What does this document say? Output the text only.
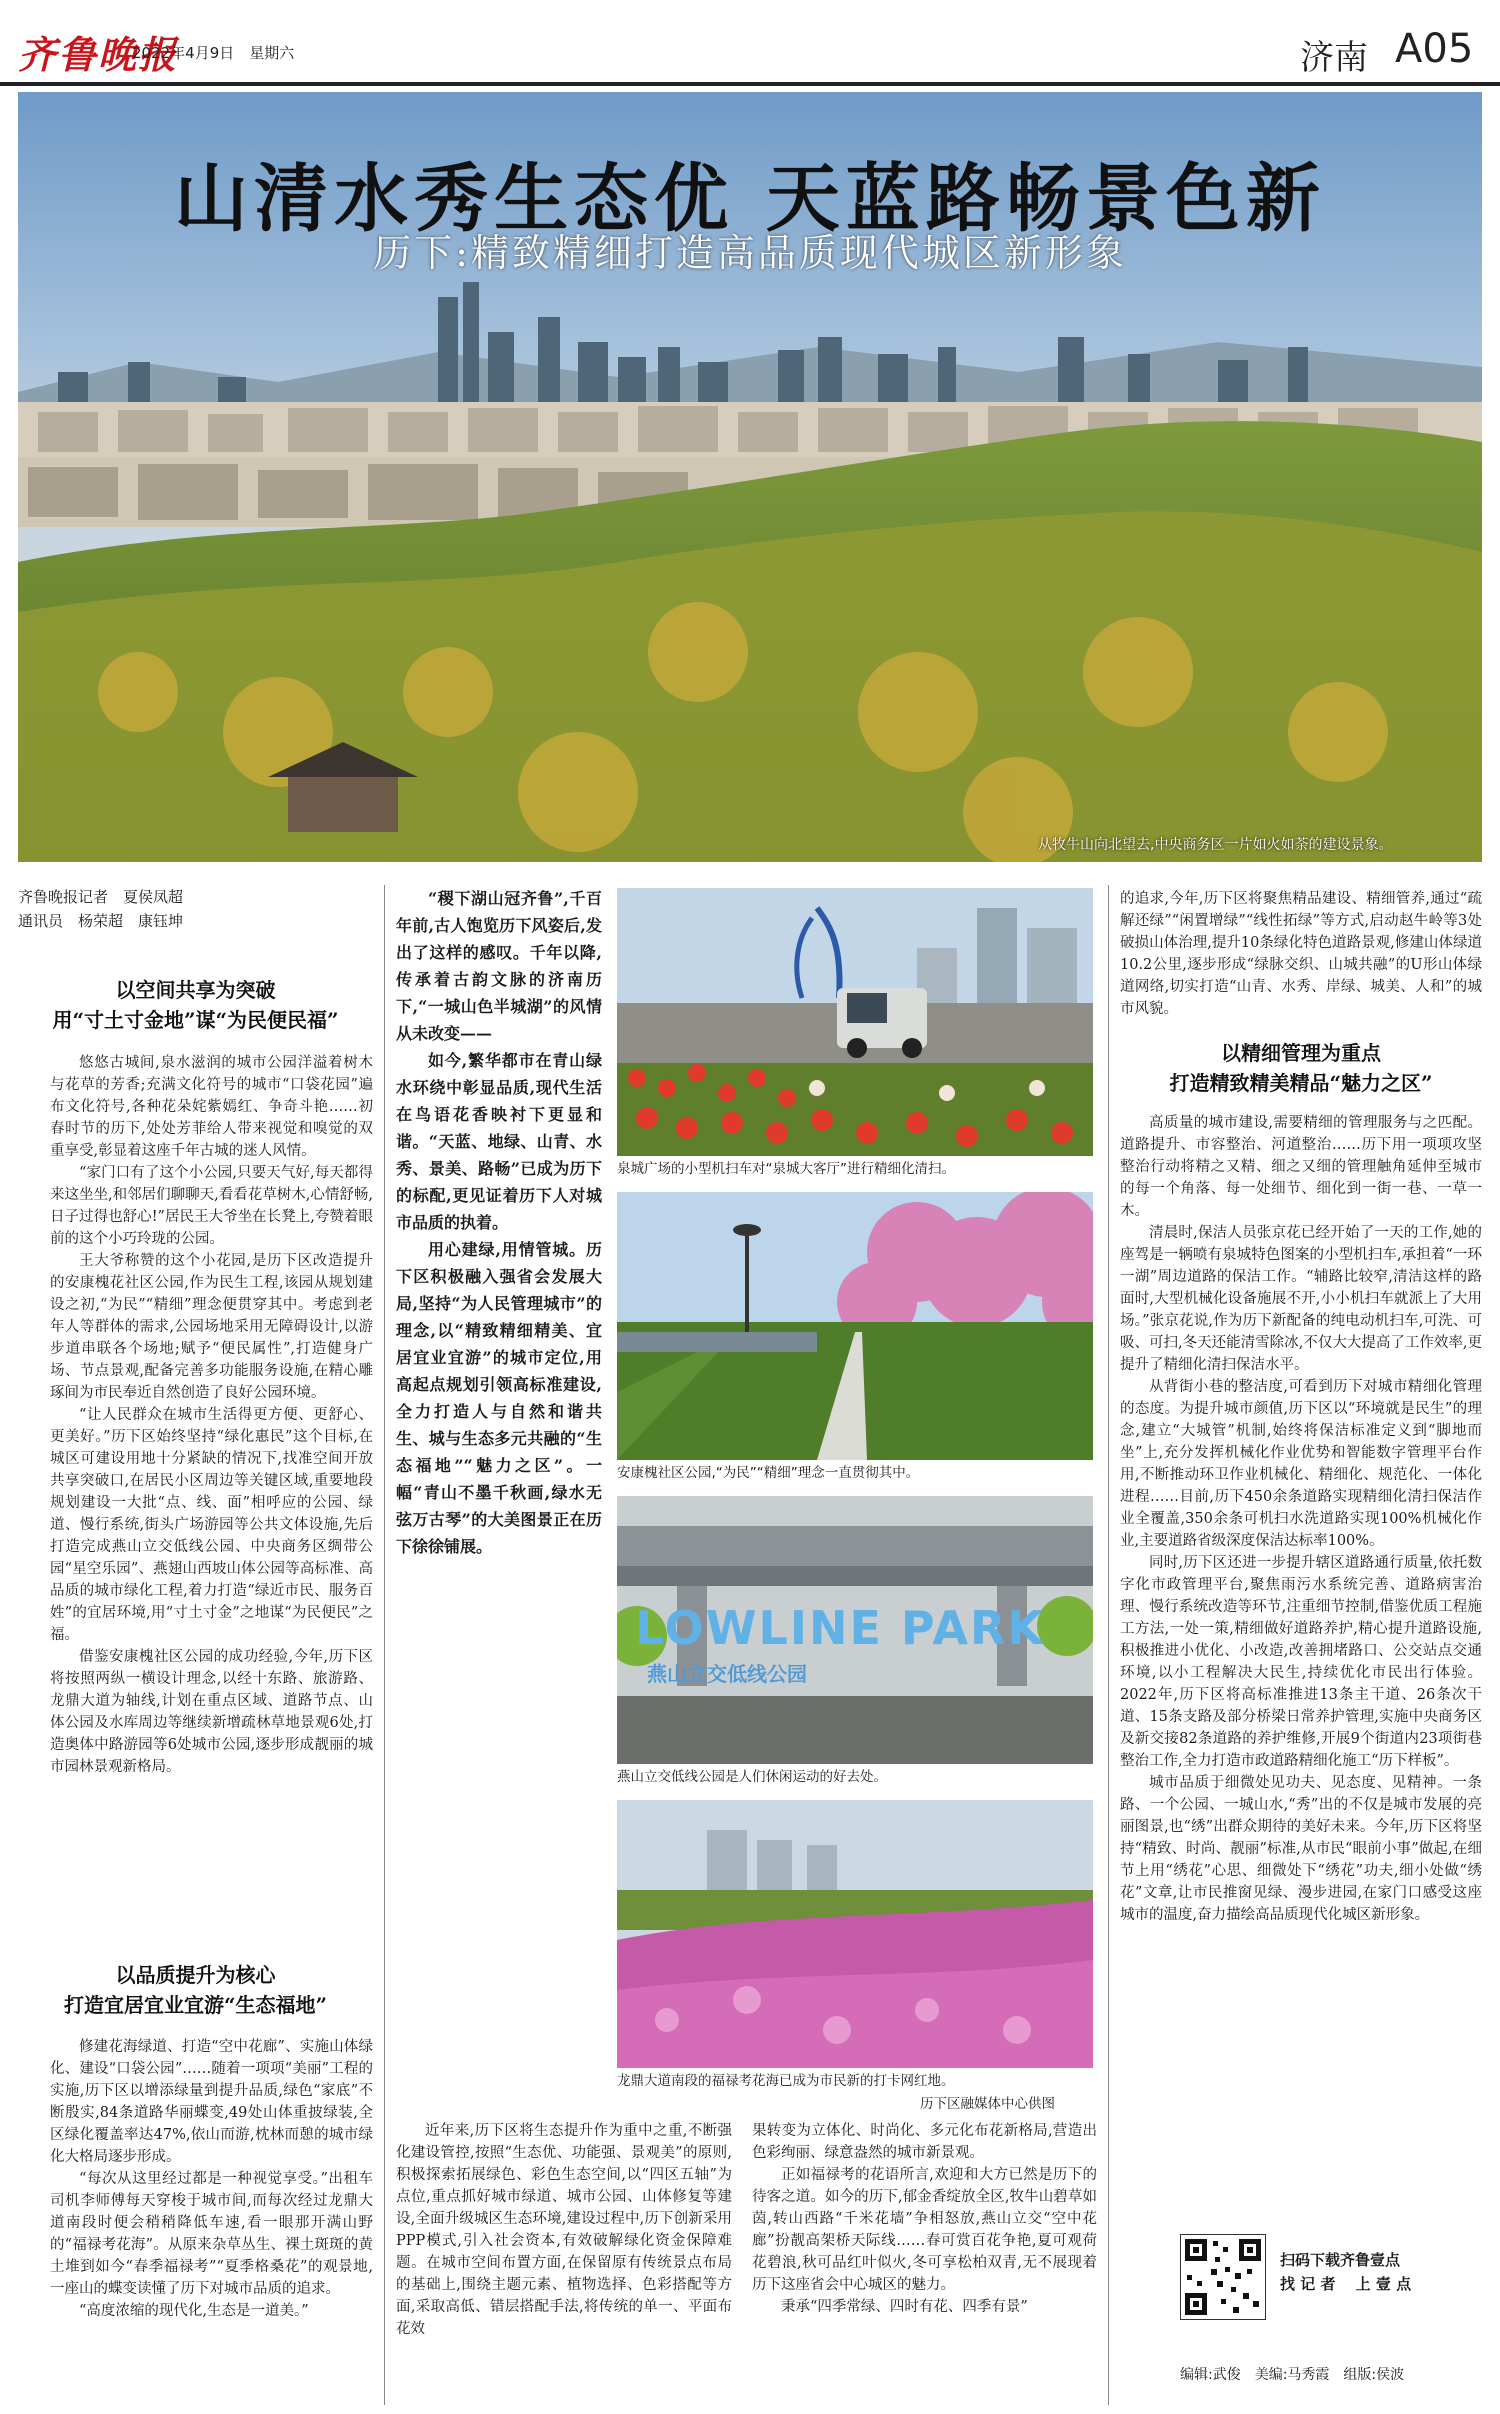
齐鲁晚报
2022年4月9日　星期六	济南 A05
山清水秀生态优 天蓝路畅景色新
历下:精致精细打造高品质现代城区新形象
从牧牛山向北望去,中央商务区一片如火如荼的建设景象。
齐鲁晚报记者　夏侯凤超
通讯员　杨荣超　康钰坤
以空间共享为突破
用“寸土寸金地”谋“为民便民福”

悠悠古城间,泉水滋润的城市公园洋溢着树木与花草的芳香;充满文化符号的城市“口袋花园”遍布文化符号,各种花朵姹紫嫣红、争奇斗艳……初春时节的历下,处处芳菲给人带来视觉和嗅觉的双重享受,彰显着这座千年古城的迷人风情。

“家门口有了这个小公园,只要天气好,每天都得来这坐坐,和邻居们聊聊天,看看花草树木,心情舒畅,日子过得也舒心!”居民王大爷坐在长凳上,夸赞着眼前的这个小巧玲珑的公园。

王大爷称赞的这个小花园,是历下区改造提升的安康槐花社区公园,作为民生工程,该园从规划建设之初,“为民”“精细”理念便贯穿其中。考虑到老年人等群体的需求,公园场地采用无障碍设计,以游步道串联各个场地;赋予“便民属性”,打造健身广场、节点景观,配备完善多功能服务设施,在精心雕琢间为市民奉近自然创造了良好公园环境。

“让人民群众在城市生活得更方便、更舒心、更美好。”历下区始终坚持“绿化惠民”这个目标,在城区可建设用地十分紧缺的情况下,找准空间开放共享突破口,在居民小区周边等关键区域,重要地段规划建设一大批“点、线、面”相呼应的公园、绿道、慢行系统,街头广场游园等公共文体设施,先后打造完成燕山立交低线公园、中央商务区绸带公园“星空乐园”、燕翅山西坡山体公园等高标准、高品质的城市绿化工程,着力打造“绿近市民、服务百姓”的宜居环境,用“寸土寸金”之地谋“为民便民”之福。

借鉴安康槐社区公园的成功经验,今年,历下区将按照两纵一横设计理念,以经十东路、旅游路、龙鼎大道为轴线,计划在重点区域、道路节点、山体公园及水库周边等继续新增疏林草地景观6处,打造奥体中路游园等6处城市公园,逐步形成靓丽的城市园林景观新格局。

以品质提升为核心
打造宜居宜业宜游“生态福地”

修建花海绿道、打造“空中花廊”、实施山体绿化、建设“口袋公园”……随着一项项“美丽”工程的实施,历下区以增添绿量到提升品质,绿色“家底”不断殷实,84条道路华丽蝶变,49处山体重披绿装,全区绿化覆盖率达47%,依山而游,枕林而憩的城市绿化大格局逐步形成。

“每次从这里经过都是一种视觉享受。”出租车司机李师傅每天穿梭于城市间,而每次经过龙鼎大道南段时便会稍稍降低车速,看一眼那开满山野的“福禄考花海”。从原来杂草丛生、裸土斑斑的黄土堆到如今“春季福禄考”“夏季格桑花”的观景地,一座山的蝶变读懂了历下对城市品质的追求。

“高度浓缩的现代化,生态是一道美。”

“稷下湖山冠齐鲁”,千百年前,古人饱览历下风姿后,发出了这样的感叹。千年以降,传承着古韵文脉的济南历下,“一城山色半城湖”的风情从未改变——

如今,繁华都市在青山绿水环绕中彰显品质,现代生活在鸟语花香映衬下更显和谐。“天蓝、地绿、山青、水秀、景美、路畅”已成为历下的标配,更见证着历下人对城市品质的执着。

用心建绿,用情管城。历下区积极融入强省会发展大局,坚持“为人民管理城市”的理念,以“精致精细精美、宜居宜业宜游”的城市定位,用高起点规划引领高标准建设,全力打造人与自然和谐共生、城与生态多元共融的“生态福地”“魅力之区”。一幅“青山不墨千秋画,绿水无弦万古琴”的大美图景正在历下徐徐铺展。

泉城广场的小型机扫车对“泉城大客厅”进行精细化清扫。
安康槐社区公园,“为民”“精细”理念一直贯彻其中。
LOWLINE PARK
燕山立交低线公园
燕山立交低线公园是人们休闲运动的好去处。
龙鼎大道南段的福禄考花海已成为市民新的打卡网红地。
历下区融媒体中心供图

近年来,历下区将生态提升作为重中之重,不断强化建设管控,按照“生态优、功能强、景观美”的原则,积极探索拓展绿色、彩色生态空间,以“四区五轴”为点位,重点抓好城市绿道、城市公园、山体修复等建设,全面升级城区生态环境,建设过程中,历下创新采用PPP模式,引入社会资本,有效破解绿化资金保障难题。在城市空间布置方面,在保留原有传统景点布局的基础上,围绕主题元素、植物选择、色彩搭配等方面,采取高低、错层搭配手法,将传统的单一、平面布花效

果转变为立体化、时尚化、多元化布花新格局,营造出色彩绚丽、绿意盎然的城市新景观。

正如福禄考的花语所言,欢迎和大方已然是历下的待客之道。如今的历下,郁金香绽放全区,牧牛山碧草如茵,转山西路“千米花墙”争相怒放,燕山立交“空中花廊”扮靓高架桥天际线……春可赏百花争艳,夏可观荷花碧浪,秋可品红叶似火,冬可享松柏双青,无不展现着历下这座省会中心城区的魅力。

秉承“四季常绿、四时有花、四季有景”

的追求,今年,历下区将聚焦精品建设、精细管养,通过“疏解还绿”“闲置增绿”“线性拓绿”等方式,启动赵牛岭等3处破损山体治理,提升10条绿化特色道路景观,修建山体绿道10.2公里,逐步形成“绿脉交织、山城共融”的U形山体绿道网络,切实打造“山青、水秀、岸绿、城美、人和”的城市风貌。

以精细管理为重点
打造精致精美精品“魅力之区”

高质量的城市建设,需要精细的管理服务与之匹配。道路提升、市容整治、河道整治……历下用一项项攻坚整治行动将精之又精、细之又细的管理触角延伸至城市的每一个角落、每一处细节、细化到一街一巷、一草一木。

清晨时,保洁人员张京花已经开始了一天的工作,她的座驾是一辆喷有泉城特色图案的小型机扫车,承担着“一环一湖”周边道路的保洁工作。“辅路比较窄,清洁这样的路面时,大型机械化设备施展不开,小小机扫车就派上了大用场。”张京花说,作为历下新配备的纯电动机扫车,可洗、可吸、可扫,冬天还能清雪除冰,不仅大大提高了工作效率,更提升了精细化清扫保洁水平。

从背街小巷的整洁度,可看到历下对城市精细化管理的态度。为提升城市颜值,历下区以“环境就是民生”的理念,建立“大城管”机制,始终将保洁标准定义到“脚地而坐”上,充分发挥机械化作业优势和智能数字管理平台作用,不断推动环卫作业机械化、精细化、规范化、一体化进程……目前,历下450余条道路实现精细化清扫保洁作业全覆盖,350余条可机扫水洗道路实现100%机械化作业,主要道路省级深度保洁达标率100%。

同时,历下区还进一步提升辖区道路通行质量,依托数字化市政管理平台,聚焦雨污水系统完善、道路病害治理、慢行系统改造等环节,注重细节控制,借鉴优质工程施工方法,一处一策,精细做好道路养护,精心提升道路设施,积极推进小优化、小改造,改善拥堵路口、公交站点交通环境,以小工程解决大民生,持续优化市民出行体验。2022年,历下区将高标准推进13条主干道、26条次干道、15条支路及部分桥梁日常养护管理,实施中央商务区及新交接82条道路的养护维修,开展9个街道内23项街巷整治工作,全力打造市政道路精细化施工“历下样板”。

城市品质于细微处见功夫、见态度、见精神。一条路、一个公园、一城山水,“秀”出的不仅是城市发展的亮丽图景,也“绣”出群众期待的美好未来。今年,历下区将坚持“精致、时尚、靓丽”标准,从市民“眼前小事”做起,在细节上用“绣花”心思、细微处下“绣花”功夫,细小处做“绣花”文章,让市民推窗见绿、漫步进园,在家门口感受这座城市的温度,奋力描绘高品质现代化城区新形象。

扫码下载齐鲁壹点
找 记 者 　上 壹 点
编辑:武俊　美编:马秀霞　组版:侯波
